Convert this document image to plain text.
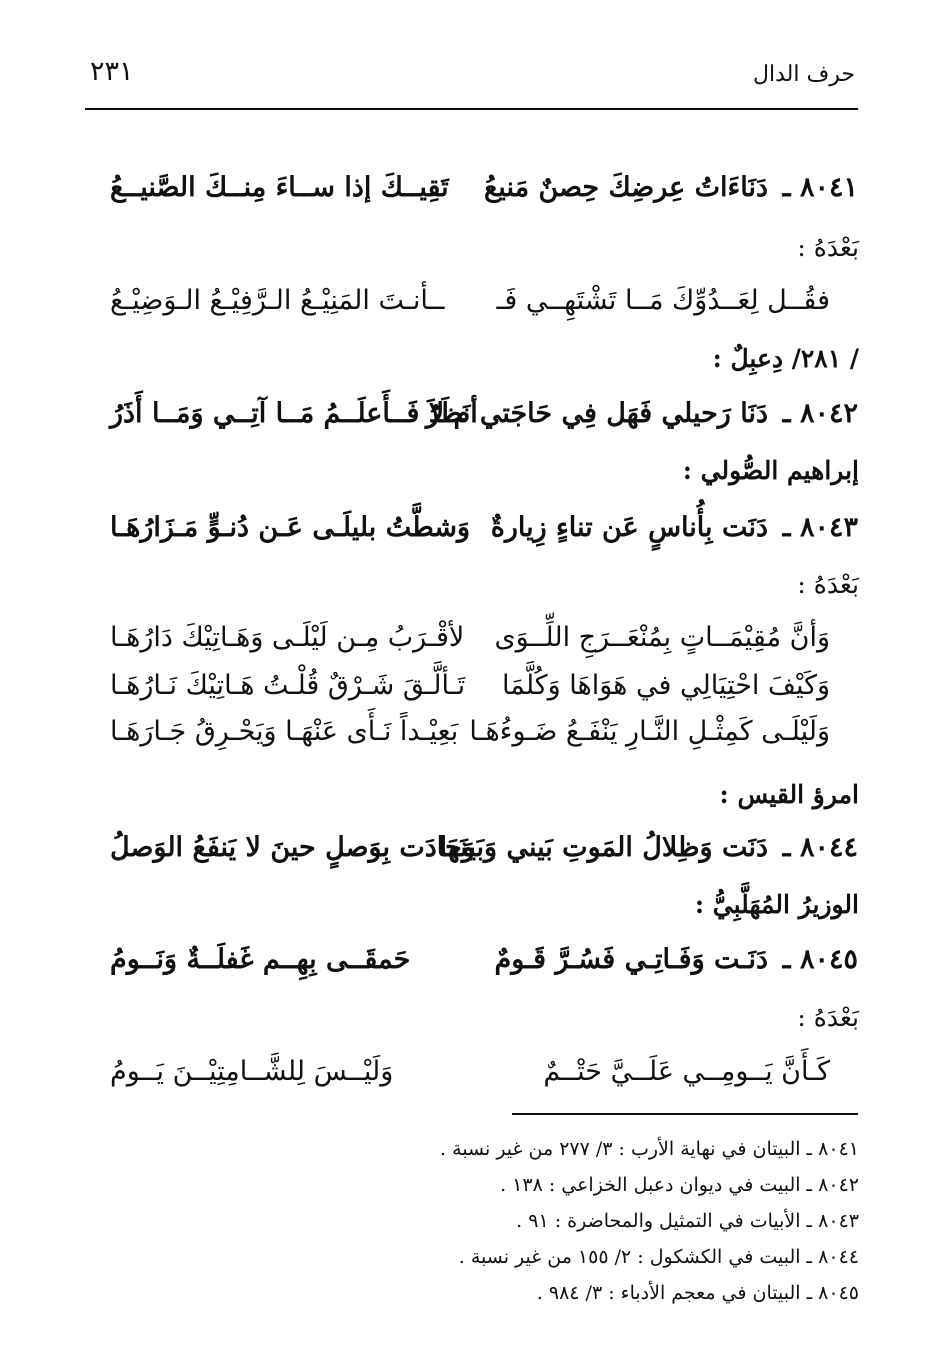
حرف الدال
٢٣١
٨٠٤١ ـ
دَنَاءَاتُ عِرضِكَ حِصنٌ مَنيعُ
تَقِيــكَ إذا ســاءَ مِنــكَ الصَّنيــعُ
بَعْدَهُ :
فقُــل لِعَــدُوِّكَ مَــا تَشْتَهِــي فَـ
ــأنـتَ المَنِيْـعُ الـرَّفِيْـعُ الـوَضِيْـعُ
/ ٢٨١/ دِعبِلٌ :
٨٠٤٢ ـ
دَنَا رَحيلي فَهَل فِي حَاجَتي نَظَرُ
أم لاَ فَــأَعلَــمُ مَــا آتِــي وَمَــا أَذَرُ
إبراهيم الصُّولي :
٨٠٤٣ ـ
دَنَت بِأُناسٍ عَن تناءٍ زِيارةٌ
وَشطَّتُ بليلَـى عَـن دُنـوٍّ مَـزَارُهَـا
بَعْدَهُ :
وَأنَّ مُقِيْمَــاتٍ بِمُنْعَــرَجِ اللِّــوَى
لأقْـرَبُ مِـن لَيْلَـى وَهَـاتِيْكَ دَارُهَـا
وَكَيْفَ احْتِيَالِي في هَوَاهَا وَكُلَّمَا
تَـألَّـقَ شَـرْقٌ قُلْـتُ هَـاتِيْكَ نَـارُهَـا
وَلَيْلَـى كَمِثْـلِ النَّـارِ يَنْفَـعُ ضَـوءُهَـا
بَعِيْـداً نَـأَى عَنْهَـا وَيَحْـرِقُ جَـارَهَـا
امرؤ القيس :
٨٠٤٤ ـ
دَنَت وَظِلالُ المَوتِ بَيني وَبَينَها
وَجَادَت بِوَصلٍ حينَ لا يَنفَعُ الوَصلُ
الوزيرُ المُهَلَّبِيُّ :
٨٠٤٥ ـ
دَنَـت وَفَـاتِـي فَسُـرَّ قَـومٌ
حَمقَــى بِهِــم غَفلَــةٌ وَنَــومُ
بَعْدَهُ :
كَـأَنَّ يَــومِــي عَلَــيَّ حَتْــمٌ
وَلَيْــسَ لِلشَّــامِتِيْــنَ يَــومُ
٨٠٤١ ـ البيتان في نهاية الأرب : ٣/ ٢٧٧ من غير نسبة .
٨٠٤٢ ـ البيت في ديوان دعبل الخزاعي : ١٣٨ .
٨٠٤٣ ـ الأبيات في التمثيل والمحاضرة : ٩١ .
٨٠٤٤ ـ البيت في الكشكول : ٢/ ١٥٥ من غير نسبة .
٨٠٤٥ ـ البيتان في معجم الأدباء : ٣/ ٩٨٤ .
